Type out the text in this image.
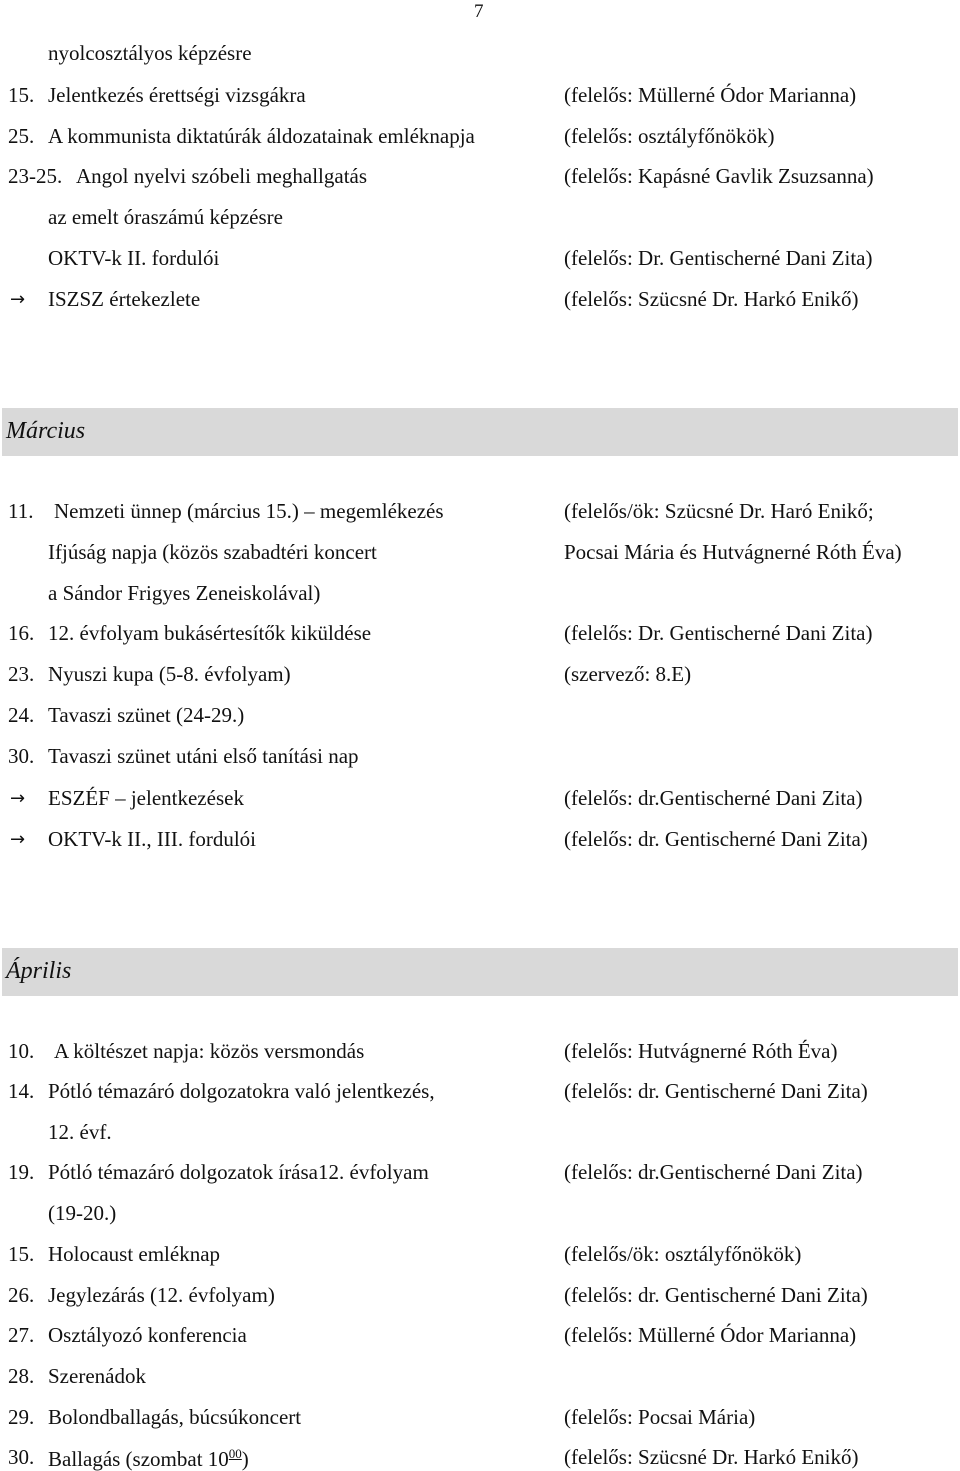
7
nyolcosztályos képzésre
15. Jelentkezés érettségi vizsgákra	(felelős: Müllerné Ódor Marianna)
25. A kommunista diktatúrák áldozatainak emléknapja	(felelős: osztályfőnökök)
23-25. Angol nyelvi szóbeli meghallgatás	(felelős: Kapásné Gavlik Zsuzsanna)
az emelt óraszámú képzésre
OKTV-k II. fordulói	(felelős: Dr. Gentischerné Dani Zita)
→ ISZSZ értekezlete	(felelős: Szücsné Dr. Harkó Enikő)
Március
11. Nemzeti ünnep (március 15.) – megemlékezés	(felelős/ök: Szücsné Dr. Haró Enikő;
Ifjúság napja (közös szabadtéri koncert	Pocsai Mária és Hutvágnerné Róth Éva)
a Sándor Frigyes Zeneiskolával)
16. 12. évfolyam bukásértesítők kiküldése	(felelős: Dr. Gentischerné Dani Zita)
23. Nyuszi kupa (5-8. évfolyam)	(szervező: 8.E)
24. Tavaszi szünet (24-29.)
30. Tavaszi szünet utáni első tanítási nap
→ ESZÉF – jelentkezések	(felelős: dr.Gentischerné Dani Zita)
→ OKTV-k II., III. fordulói	(felelős: dr. Gentischerné Dani Zita)
Április
10. A költészet napja: közös versmondás	(felelős: Hutvágnerné Róth Éva)
14. Pótló témazáró dolgozatokra való jelentkezés,	(felelős: dr. Gentischerné Dani Zita)
12. évf.
19. Pótló témazáró dolgozatok írása12. évfolyam	(felelős: dr.Gentischerné Dani Zita)
(19-20.)
15. Holocaust emléknap	(felelős/ök: osztályfőnökök)
26. Jegylezárás (12. évfolyam)	(felelős: dr. Gentischerné Dani Zita)
27. Osztályozó konferencia	(felelős: Müllerné Ódor Marianna)
28. Szerenádok
29. Bolondballagás, búcsúkoncert	(felelős: Pocsai Mária)
30. Ballagás (szombat $10^{00}$)	(felelős: Szücsné Dr. Harkó Enikő)
